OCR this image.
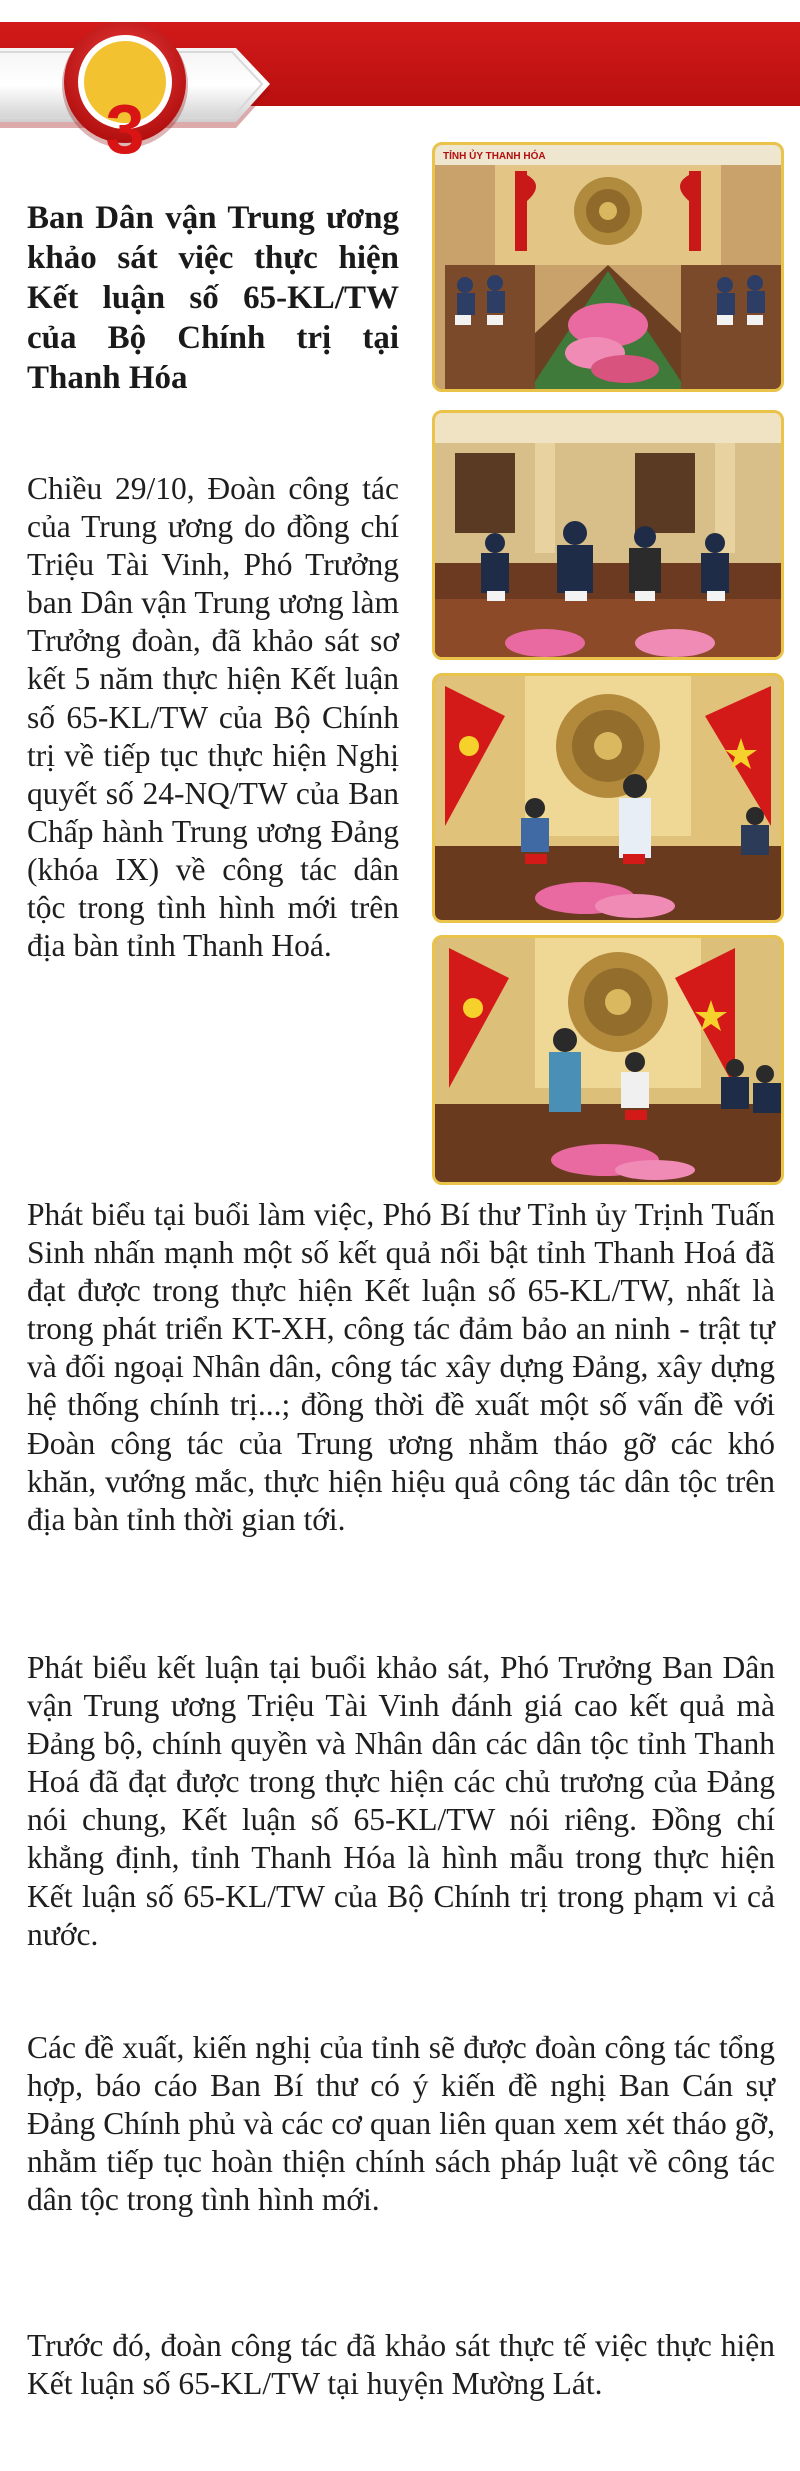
3
Ban Dân vận Trung ương khảo sát việc thực hiện Kết luận số 65-KL/TW của Bộ Chính trị tại Thanh Hóa

Chiều 29/10, Đoàn công tác của Trung ương do đồng chí Triệu Tài Vinh, Phó Trưởng ban Dân vận Trung ương làm Trưởng đoàn, đã khảo sát sơ kết 5 năm thực hiện Kết luận số 65-KL/TW của Bộ Chính trị về tiếp tục thực hiện Nghị quyết số 24-NQ/TW của Ban Chấp hành Trung ương Đảng (khóa IX) về công tác dân tộc trong tình hình mới trên địa bàn tỉnh Thanh Hoá.

Phát biểu tại buổi làm việc, Phó Bí thư Tỉnh ủy Trịnh Tuấn Sinh nhấn mạnh một số kết quả nổi bật tỉnh Thanh Hoá đã đạt được trong thực hiện Kết luận số 65-KL/TW, nhất là trong phát triển KT-XH, công tác đảm bảo an ninh - trật tự và đối ngoại Nhân dân, công tác xây dựng Đảng, xây dựng hệ thống chính trị...; đồng thời đề xuất một số vấn đề với Đoàn công tác của Trung ương nhằm tháo gỡ các khó khăn, vướng mắc, thực hiện hiệu quả công tác dân tộc trên địa bàn tỉnh thời gian tới.

Phát biểu kết luận tại buổi khảo sát, Phó Trưởng Ban Dân vận Trung ương Triệu Tài Vinh đánh giá cao kết quả mà Đảng bộ, chính quyền và Nhân dân các dân tộc tỉnh Thanh Hoá đã đạt được trong thực hiện các chủ trương của Đảng nói chung, Kết luận số 65-KL/TW nói riêng. Đồng chí khẳng định, tỉnh Thanh Hóa là hình mẫu trong thực hiện Kết luận số 65-KL/TW của Bộ Chính trị trong phạm vi cả nước.

Các đề xuất, kiến nghị của tỉnh sẽ được đoàn công tác tổng hợp, báo cáo Ban Bí thư có ý kiến đề nghị Ban Cán sự Đảng Chính phủ và các cơ quan liên quan xem xét tháo gỡ, nhằm tiếp tục hoàn thiện chính sách pháp luật về công tác dân tộc trong tình hình mới.

Trước đó, đoàn công tác đã khảo sát thực tế việc thực hiện Kết luận số 65-KL/TW tại huyện Mường Lát.

TỈNH ỦY THANH HÓA
